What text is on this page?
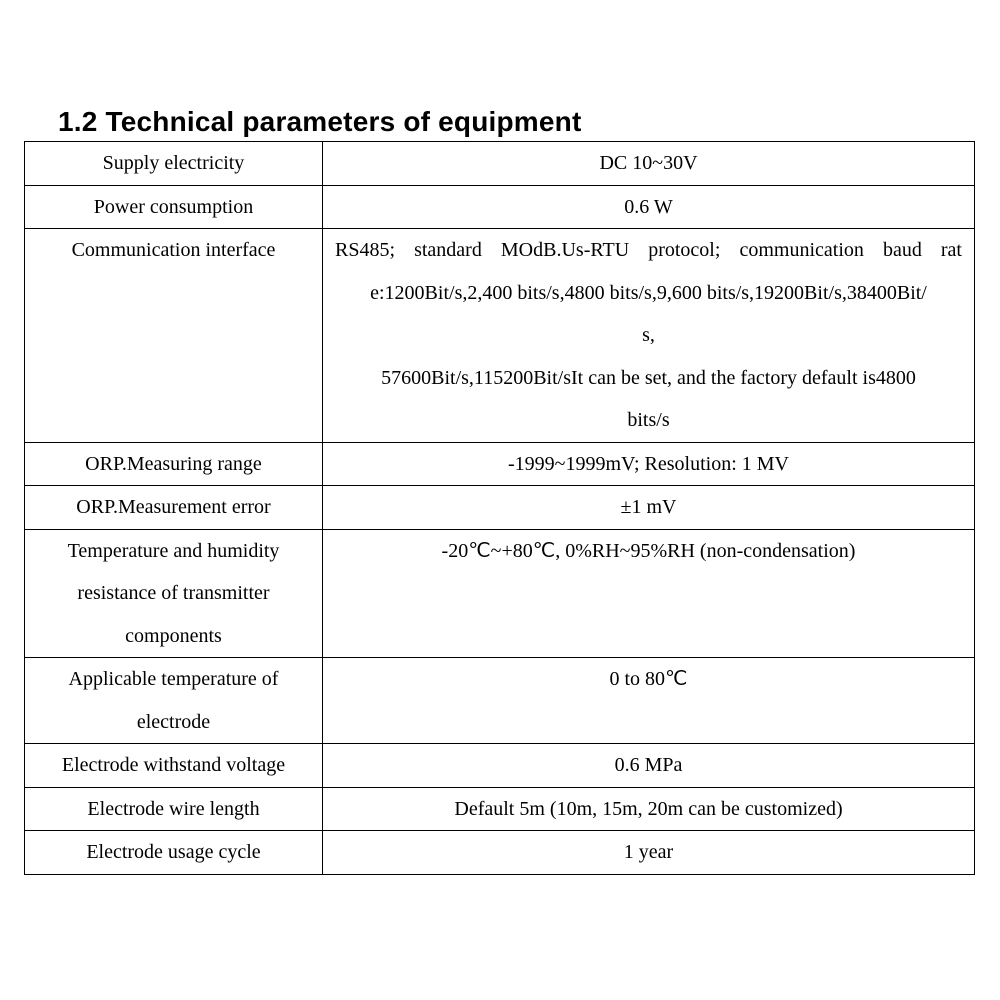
1.2 Technical parameters of equipment
Supply electricity	DC 10~30V
Power consumption	0.6 W
Communication interface	RS485; standard MOdB.Us-RTU protocol; communication baud rat
e:1200Bit/s,2,400 bits/s,4800 bits/s,9,600 bits/s,19200Bit/s,38400Bit/
s,
57600Bit/s,115200Bit/sIt can be set, and the factory default is4800
bits/s

ORP.Measuring range	-1999~1999mV; Resolution: 1 MV
ORP.Measurement error	±1 mV

Temperature and humidity
resistance of transmitter
components	-20℃~+80℃, 0%RH~95%RH (non-condensation)

Applicable temperature of
electrode	0 to 80℃
Electrode withstand voltage	0.6 MPa
Electrode wire length	Default 5m (10m, 15m, 20m can be customized)
Electrode usage cycle	1 year
